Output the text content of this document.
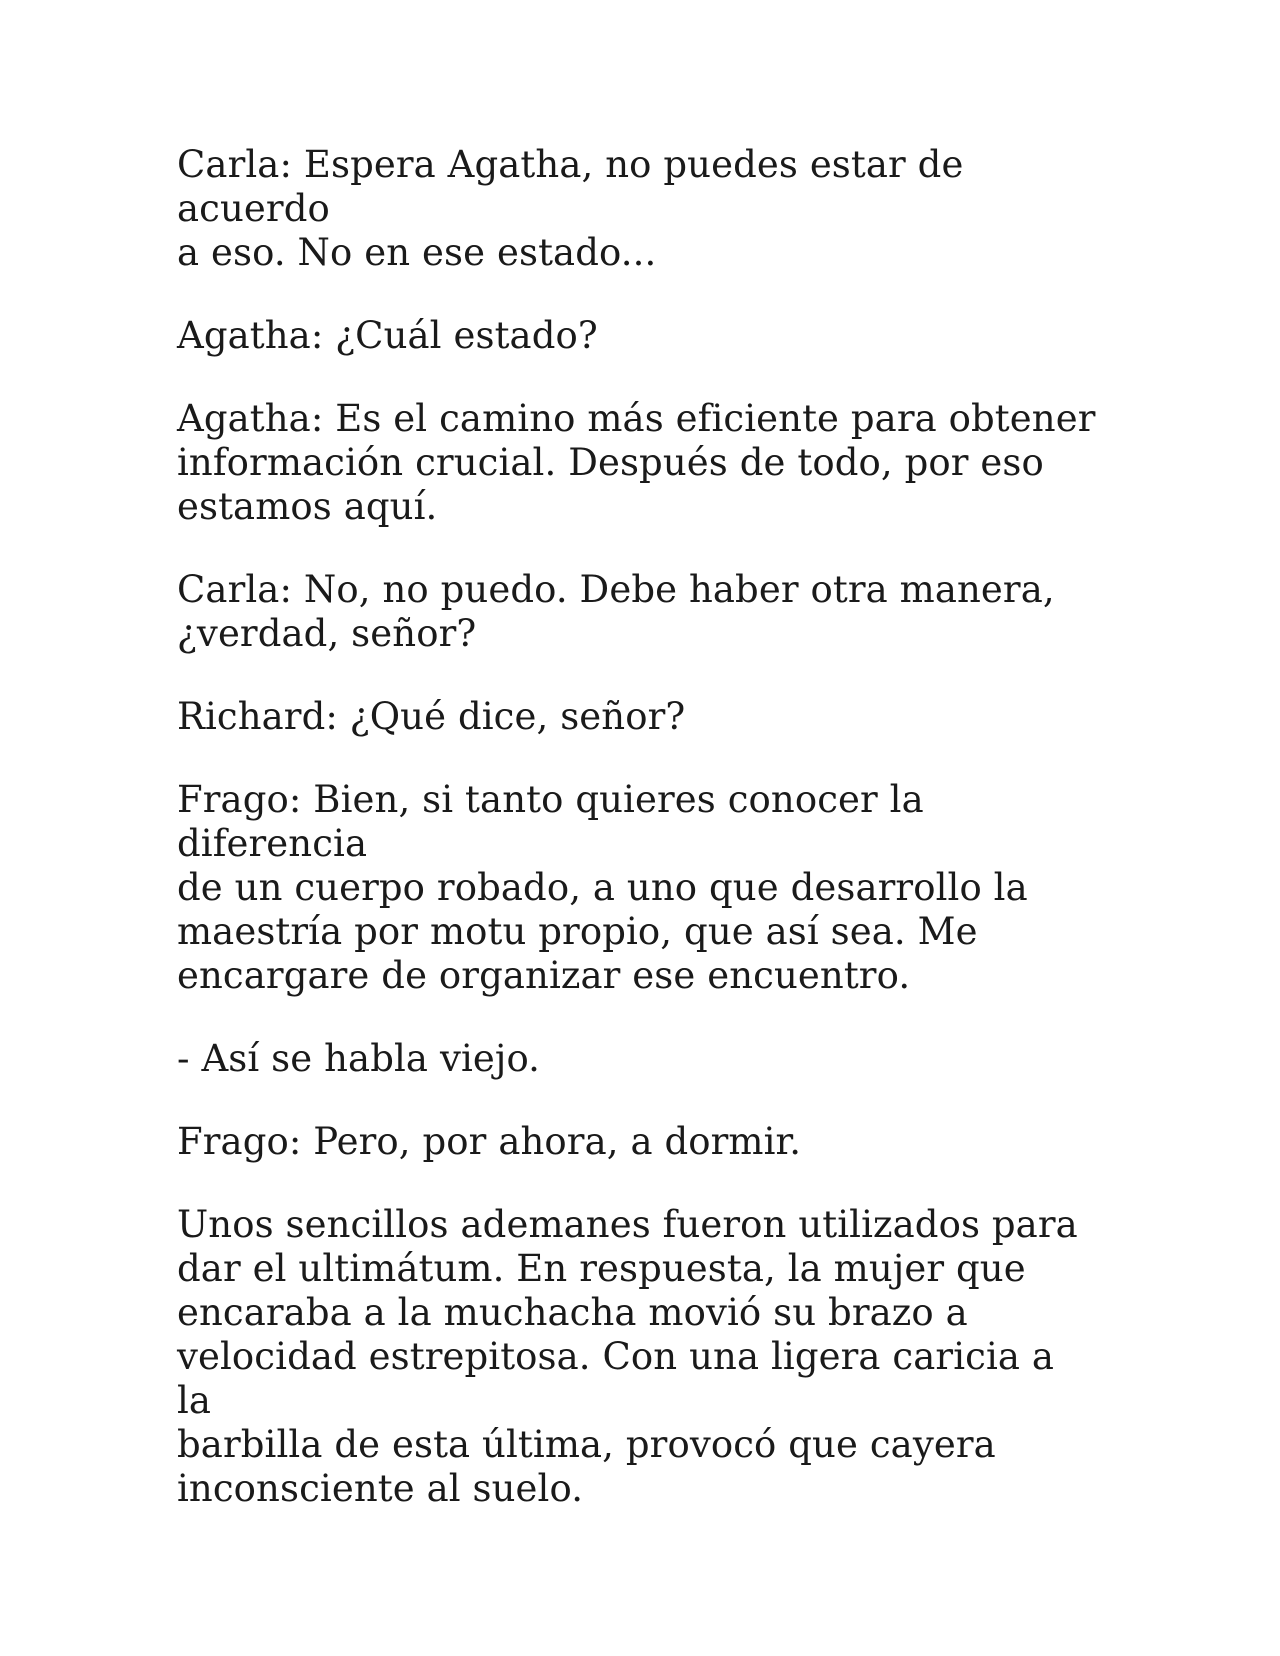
Carla: Espera Agatha, no puedes estar de acuerdo
a eso. No en ese estado...

Agatha: ¿Cuál estado?

Agatha: Es el camino más eficiente para obtener
información crucial. Después de todo, por eso
estamos aquí.

Carla: No, no puedo. Debe haber otra manera,
¿verdad, señor?

Richard: ¿Qué dice, señor?

Frago: Bien, si tanto quieres conocer la diferencia
de un cuerpo robado, a uno que desarrollo la
maestría por motu propio, que así sea. Me
encargare de organizar ese encuentro.

- Así se habla viejo.

Frago: Pero, por ahora, a dormir.

Unos sencillos ademanes fueron utilizados para
dar el ultimátum. En respuesta, la mujer que
encaraba a la muchacha movió su brazo a
velocidad estrepitosa. Con una ligera caricia a la
barbilla de esta última, provocó que cayera
inconsciente al suelo.
